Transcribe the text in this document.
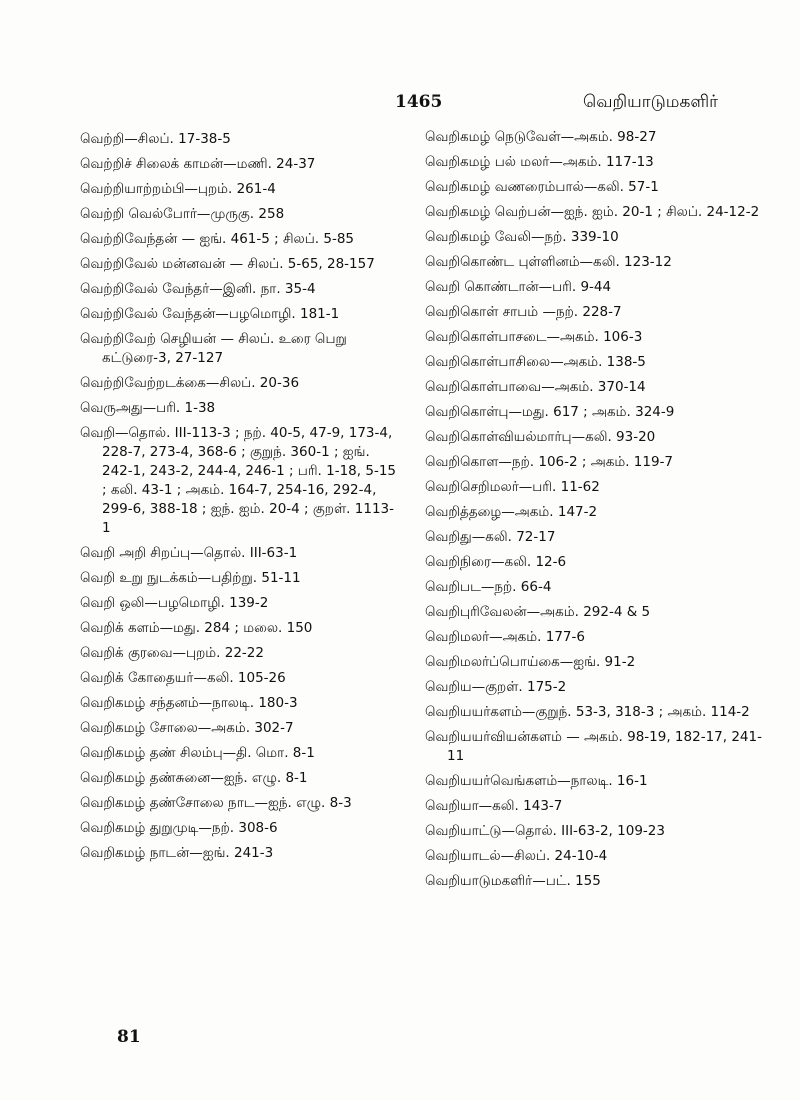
1465	வெறியாடுமகளிர்
வெற்றி—சிலப். 17-38-5
வெற்றிச் சிலைக் காமன்—மணி. 24-37
வெற்றியாற்றம்பி—புறம். 261-4
வெற்றி வெல்போர்—முருகு. 258
வெற்றிவேந்தன் — ஐங். 461-5 ; சிலப். 5-85
வெற்றிவேல் மன்னவன் — சிலப். 5-65, 28-157
வெற்றிவேல் வேந்தர்—இனி. நா. 35-4
வெற்றிவேல் வேந்தன்—பழமொழி. 181-1
வெற்றிவேற் செழியன் — சிலப். உரை பெறு கட்டுரை-3, 27-127
வெற்றிவேற்றடக்கை—சிலப். 20-36
வெருஅது—பரி. 1-38
வெறி—தொல். III-113-3 ; நற். 40-5, 47-9, 173-4, 228-7, 273-4, 368-6 ; குறுந். 360-1 ; ஐங். 242-1, 243-2, 244-4, 246-1 ; பரி. 1-18, 5-15 ; கலி. 43-1 ; அகம். 164-7, 254-16, 292-4, 299-6, 388-18 ; ஐந். ஐம். 20-4 ; குறள். 1113-1
வெறி அறி சிறப்பு—தொல். III-63-1
வெறி உறு நுடக்கம்—பதிற்று. 51-11
வெறி ஒலி—பழமொழி. 139-2
வெறிக் களம்—மது. 284 ; மலை. 150
வெறிக் குரவை—புறம். 22-22
வெறிக் கோதையர்—கலி. 105-26
வெறிகமழ் சந்தனம்—நாலடி. 180-3
வெறிகமழ் சோலை—அகம். 302-7
வெறிகமழ் தண் சிலம்பு—தி. மொ. 8-1
வெறிகமழ் தண்சுனை—ஐந். எழு. 8-1
வெறிகமழ் தண்சோலை நாட—ஐந். எழு. 8-3
வெறிகமழ் துறுமுடி—நற். 308-6
வெறிகமழ் நாடன்—ஐங். 241-3
வெறிகமழ் நெடுவேள்—அகம். 98-27
வெறிகமழ் பல் மலர்—அகம். 117-13
வெறிகமழ் வணரைம்பால்—கலி. 57-1
வெறிகமழ் வெற்பன்—ஐந். ஐம். 20-1 ; சிலப். 24-12-2
வெறிகமழ் வேலி—நற். 339-10
வெறிகொண்ட புள்ளினம்—கலி. 123-12
வெறி கொண்டான்—பரி. 9-44
வெறிகொள் சாபம் —நற். 228-7
வெறிகொள்பாசடை—அகம். 106-3
வெறிகொள்பாசிலை—அகம். 138-5
வெறிகொள்பாவை—அகம். 370-14
வெறிகொள்பு—மது. 617 ; அகம். 324-9
வெறிகொள்வியல்மார்பு—கலி. 93-20
வெறிகொள—நற். 106-2 ; அகம். 119-7
வெறிசெறிமலர்—பரி. 11-62
வெறித்தழை—அகம். 147-2
வெறிது—கலி. 72-17
வெறிநிரை—கலி. 12-6
வெறிபட—நற். 66-4
வெறிபுரிவேலன்—அகம். 292-4 & 5
வெறிமலர்—அகம். 177-6
வெறிமலர்ப்பொய்கை—ஐங். 91-2
வெறிய—குறள். 175-2
வெறியயர்களம்—குறுந். 53-3, 318-3 ; அகம். 114-2
வெறியயர்வியன்களம் — அகம். 98-19, 182-17, 241-11
வெறியயர்வெங்களம்—நாலடி. 16-1
வெறியா—கலி. 143-7
வெறியாட்டு—தொல். III-63-2, 109-23
வெறியாடல்—சிலப். 24-10-4
வெறியாடுமகளிர்—பட். 155
81
